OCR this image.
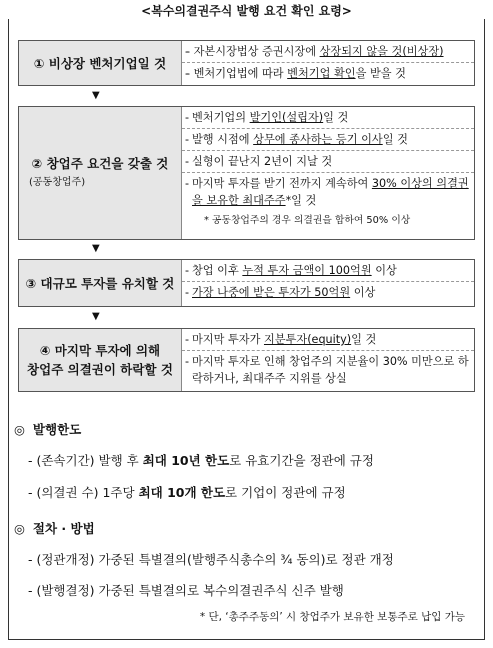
<복수의결권주식 발행 요건 확인 요령>
① 비상장 벤처기업일 것
- - 자본시장법상 증권시장에 상장되지 않을 것(비상장)
- - 벤처기업법에 따라 벤처기업 확인을 받을 것
▼
② 창업주 요건을 갖출 것
(공동창업주)
- 벤처기업의 발기인(설립자)일 것
- 발행 시점에 상무에 종사하는 등기 이사일 것
- 실형이 끝난지 2년이 지날 것
- 마지막 투자를 받기 전까지 계속하여 30% 이상의 의결권을 보유한 최대주주*일 것
* 공동창업주의 경우 의결권을 합하여 50% 이상
▼
③ 대규모 투자를 유치할 것
- 창업 이후 누적 투자 금액이 100억원 이상
- 가장 나중에 받은 투자가 50억원 이상
▼
④ 마지막 투자에 의해
창업주 의결권이 하락할 것
- 마지막 투자가 지분투자(equity)일 것
- 마지막 투자로 인해 창업주의 지분율이 30% 미만으로 하락하거나, 최대주주 지위를 상실
◎ 발행한도
- (존속기간) 발행 후 최대 10년 한도로 유효기간을 정관에 규정
- (의결권 수) 1주당 최대 10개 한도로 기업이 정관에 규정
◎ 절차 · 방법
- (정관개정) 가중된 특별결의(발행주식총수의 ¾ 동의)로 정관 개정
- (발행결정) 가중된 특별결의로 복수의결권주식 신주 발행
* 단, ‘총주주동의’ 시 창업주가 보유한 보통주로 납입 가능
